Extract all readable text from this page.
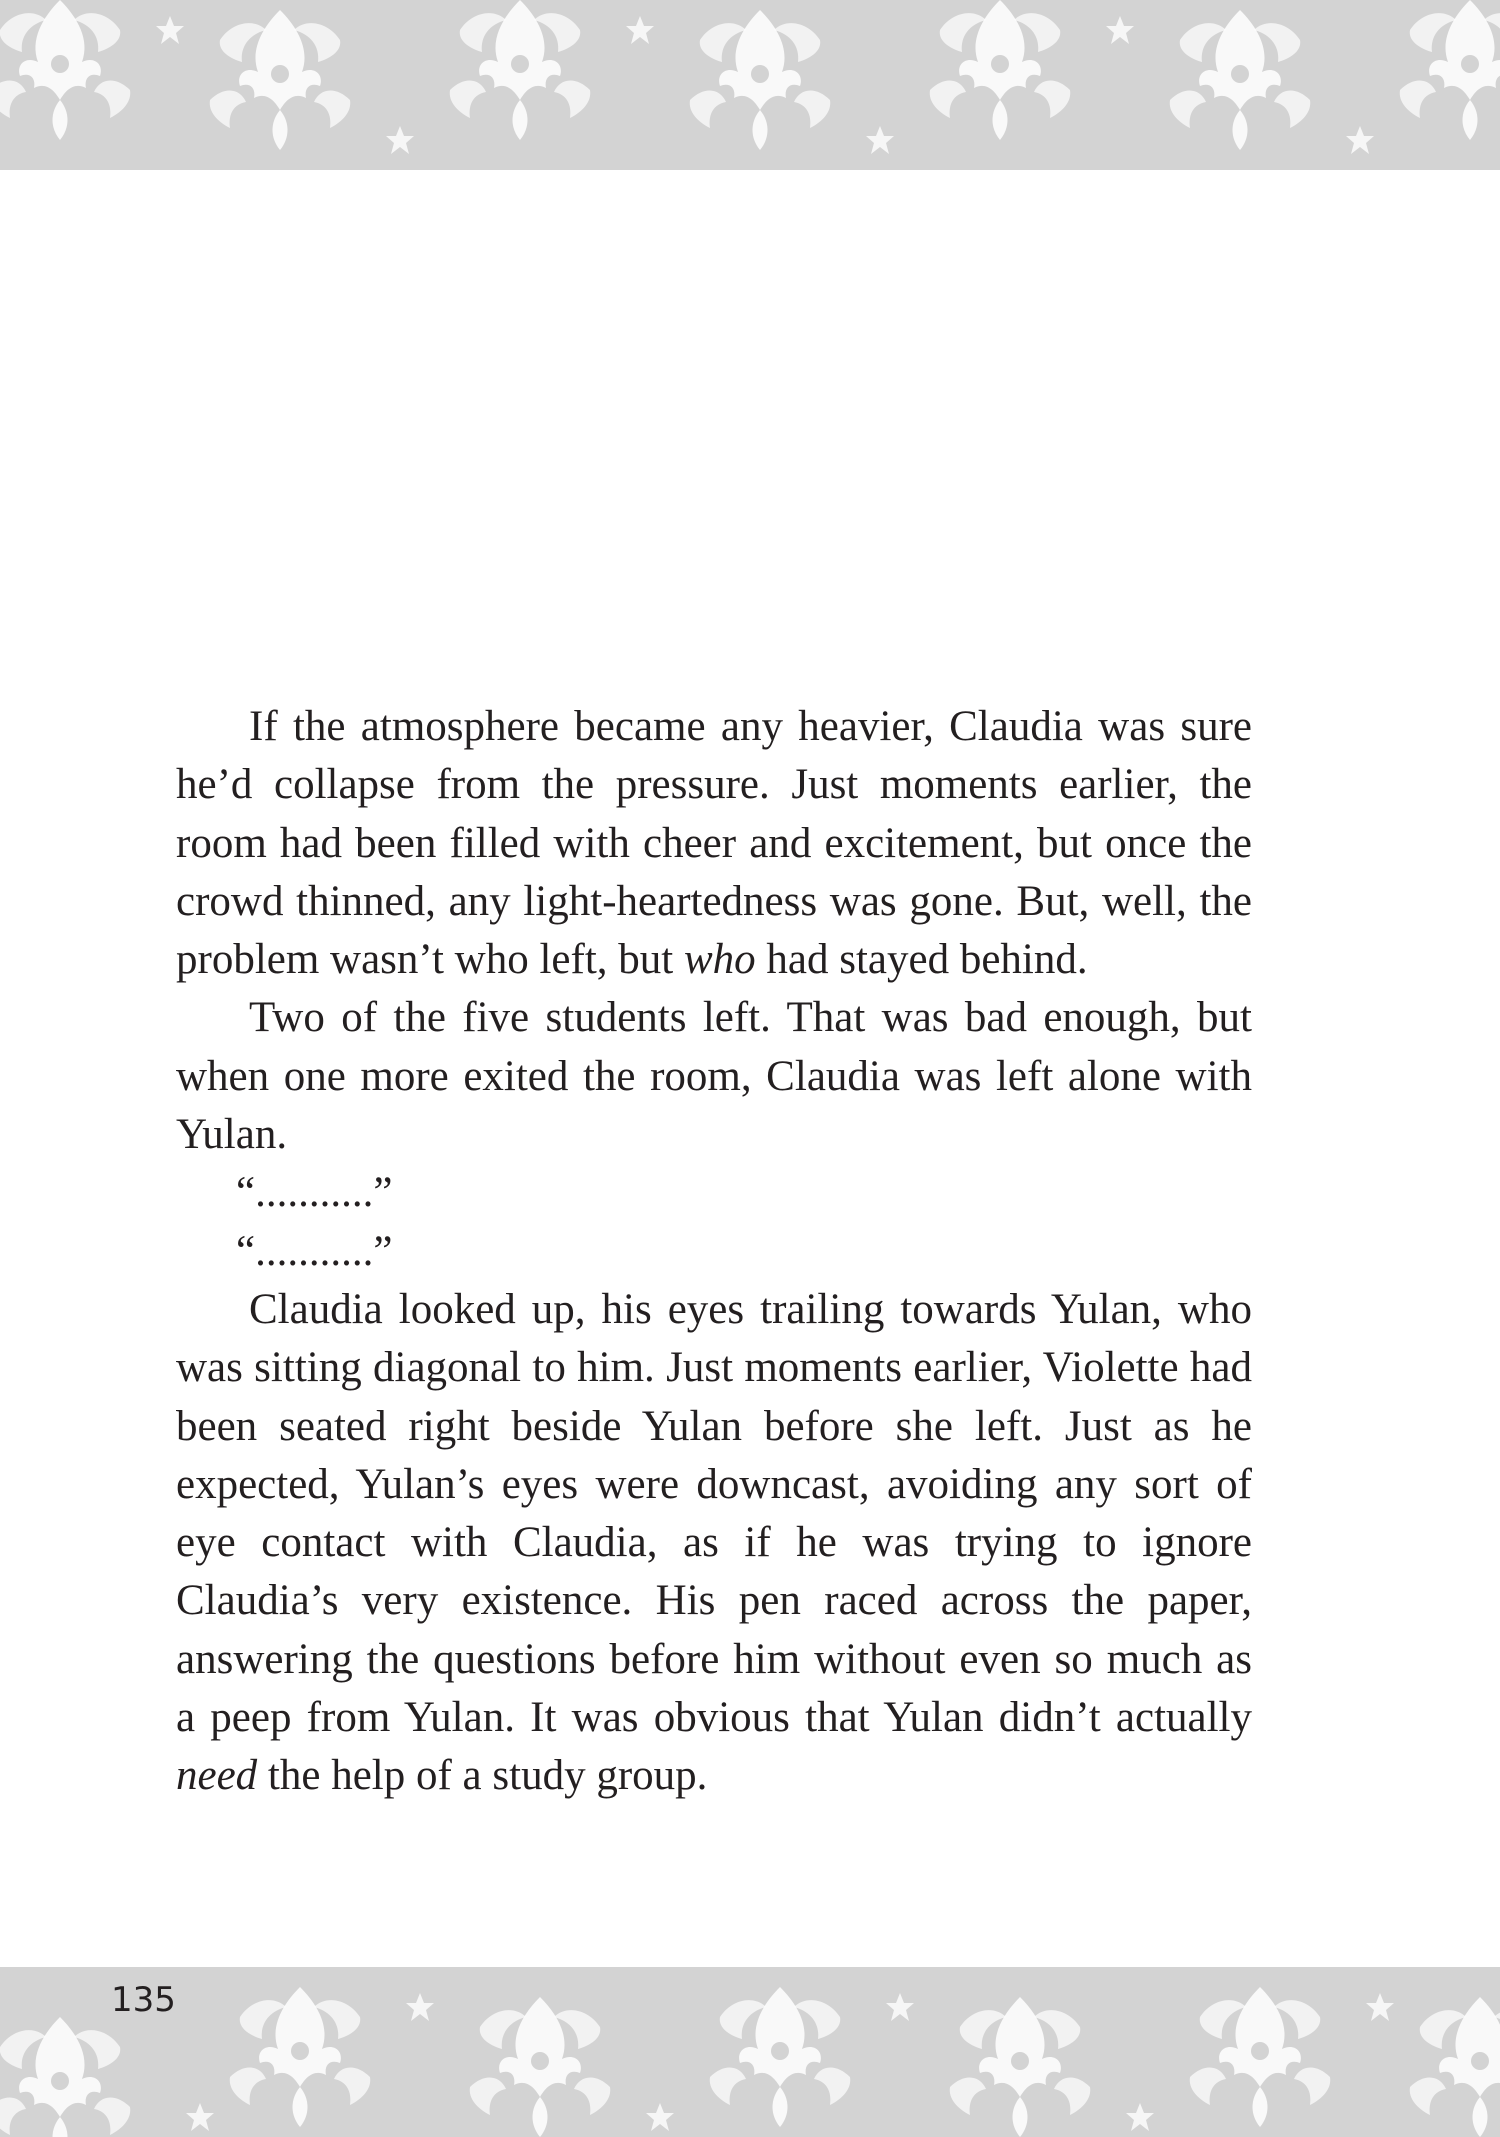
If the atmosphere became any heavier, Claudia was sure he’d collapse from the pressure. Just moments earlier, the room had been filled with cheer and excitement, but once the crowd thinned, any light-heartedness was gone. But, well, the problem wasn’t who left, but who had stayed behind.

Two of the five students left. That was bad enough, but when one more exited the room, Claudia was left alone with Yulan.

“...........”

“...........”

Claudia looked up, his eyes trailing towards Yulan, who was sitting diagonal to him. Just moments earlier, Violette had been seated right beside Yulan before she left. Just as he expected, Yulan’s eyes were downcast, avoiding any sort of eye contact with Claudia, as if he was trying to ignore Claudia’s very existence. His pen raced across the paper, answering the questions before him without even so much as a peep from Yulan. It was obvious that Yulan didn’t actually need the help of a study group.

135
